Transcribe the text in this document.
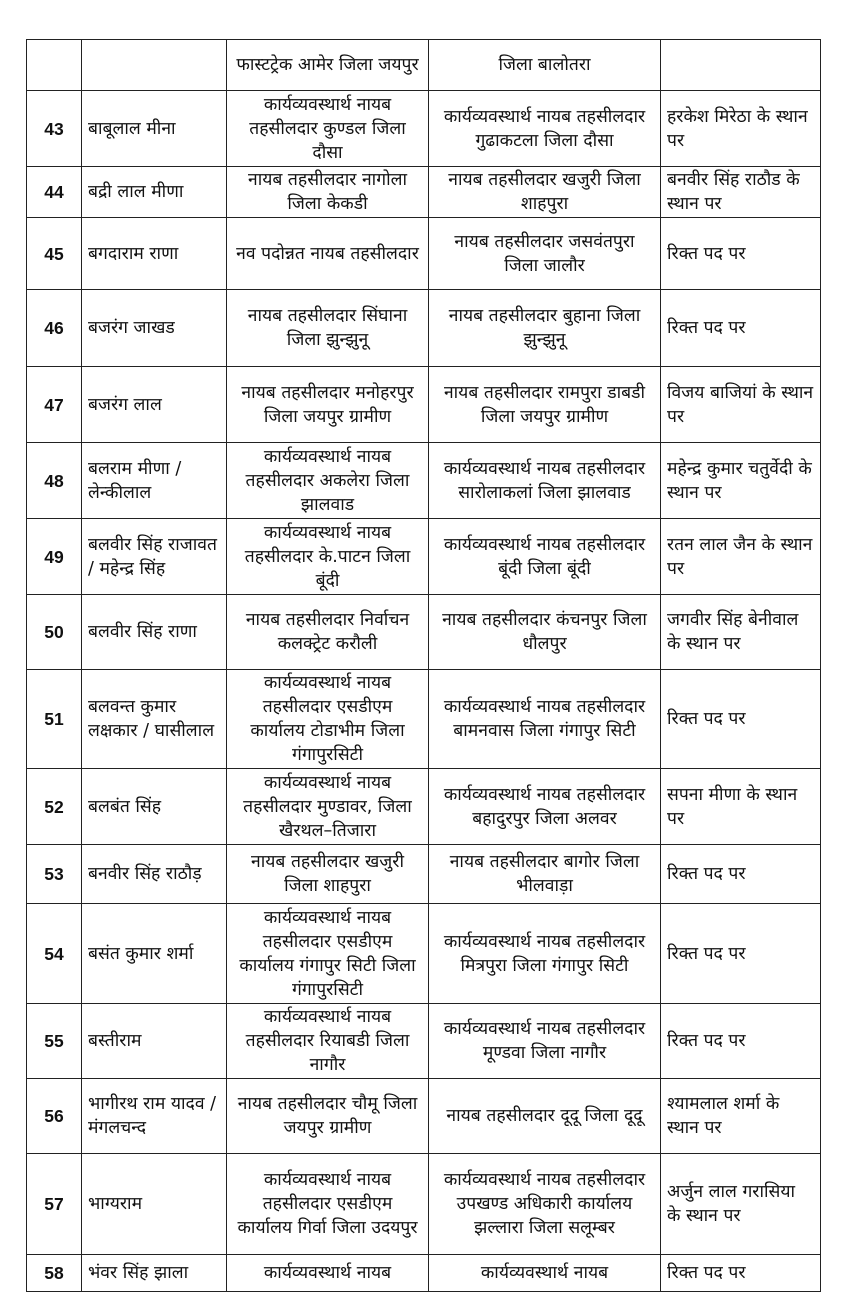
		फास्टट्रेक आमेर जिला जयपुर	जिला बालोतरा	
43	बाबूलाल मीना	कार्यव्यवस्थार्थ नायब तहसीलदार कुण्डल जिला दौसा	कार्यव्यवस्थार्थ नायब तहसीलदार गुढाकटला जिला दौसा	हरकेश मिरेठा के स्थान पर
44	बद्री लाल मीणा	नायब तहसीलदार नागोला जिला केकडी	नायब तहसीलदार खजुरी जिला शाहपुरा	बनवीर सिंह राठौड के स्थान पर
45	बगदाराम राणा	नव पदोन्नत नायब तहसीलदार	नायब तहसीलदार जसवंतपुरा जिला जालौर	रिक्त पद पर
46	बजरंग जाखड	नायब तहसीलदार सिंघाना जिला झुन्झुनू	नायब तहसीलदार बुहाना जिला झुन्झुनू	रिक्त पद पर
47	बजरंग लाल	नायब तहसीलदार मनोहरपुर जिला जयपुर ग्रामीण	नायब तहसीलदार रामपुरा डाबडी जिला जयपुर ग्रामीण	विजय बाजियां के स्थान पर
48	बलराम मीणा / लेन्कीलाल	कार्यव्यवस्थार्थ नायब तहसीलदार अकलेरा जिला झालवाड	कार्यव्यवस्थार्थ नायब तहसीलदार सारोलाकलां जिला झालवाड	महेन्द्र कुमार चतुर्वेदी के स्थान पर
49	बलवीर सिंह राजावत / महेन्द्र सिंह	कार्यव्यवस्थार्थ नायब तहसीलदार के.पाटन जिला बूंदी	कार्यव्यवस्थार्थ नायब तहसीलदार बूंदी जिला बूंदी	रतन लाल जैन के स्थान पर
50	बलवीर सिंह राणा	नायब तहसीलदार निर्वाचन कलक्ट्रेट करौली	नायब तहसीलदार कंचनपुर जिला धौलपुर	जगवीर सिंह बेनीवाल के स्थान पर
51	बलवन्त कुमार लक्षकार / घासीलाल	कार्यव्यवस्थार्थ नायब तहसीलदार एसडीएम कार्यालय टोडाभीम जिला गंगापुरसिटी	कार्यव्यवस्थार्थ नायब तहसीलदार बामनवास जिला गंगापुर सिटी	रिक्त पद पर
52	बलबंत सिंह	कार्यव्यवस्थार्थ नायब तहसीलदार मुण्डावर, जिला खैरथल–तिजारा	कार्यव्यवस्थार्थ नायब तहसीलदार बहादुरपुर जिला अलवर	सपना मीणा के स्थान पर
53	बनवीर सिंह राठौड़	नायब तहसीलदार खजुरी जिला शाहपुरा	नायब तहसीलदार बागोर जिला भीलवाड़ा	रिक्त पद पर
54	बसंत कुमार शर्मा	कार्यव्यवस्थार्थ नायब तहसीलदार एसडीएम कार्यालय गंगापुर सिटी जिला गंगापुरसिटी	कार्यव्यवस्थार्थ नायब तहसीलदार मित्रपुरा जिला गंगापुर सिटी	रिक्त पद पर
55	बस्तीराम	कार्यव्यवस्थार्थ नायब तहसीलदार रियाबडी जिला नागौर	कार्यव्यवस्थार्थ नायब तहसीलदार मूण्डवा जिला नागौर	रिक्त पद पर
56	भागीरथ राम यादव / मंगलचन्द	नायब तहसीलदार चौमू जिला जयपुर ग्रामीण	नायब तहसीलदार दूदू जिला दूदू	श्यामलाल शर्मा के स्थान पर
57	भाग्यराम	कार्यव्यवस्थार्थ नायब तहसीलदार एसडीएम कार्यालय गिर्वा जिला उदयपुर	कार्यव्यवस्थार्थ नायब तहसीलदार उपखण्ड अधिकारी कार्यालय झल्लारा जिला सलूम्बर	अर्जुन लाल गरासिया के स्थान पर
58	भंवर सिंह झाला	कार्यव्यवस्थार्थ नायब	कार्यव्यवस्थार्थ नायब	रिक्त पद पर
